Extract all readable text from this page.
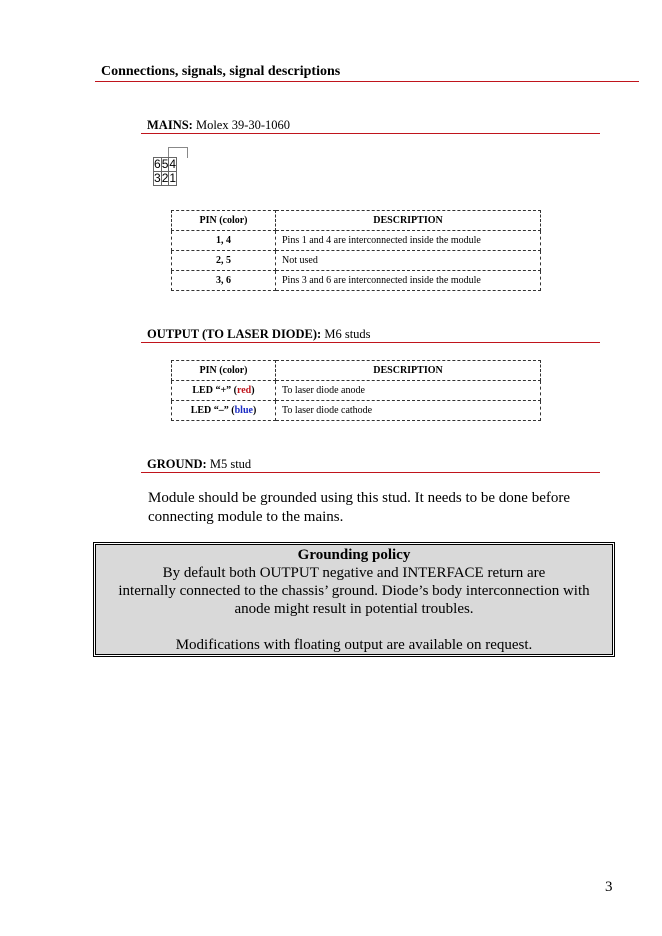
Connections, signals, signal descriptions
MAINS: Molex 39-30-1060
6	5	4
3	2	1
PIN (color)	DESCRIPTION
1, 4	Pins 1 and 4 are interconnected inside the module
2, 5	Not used
3, 6	Pins 3 and 6 are interconnected inside the module
OUTPUT (TO LASER DIODE): M6 studs
PIN (color)	DESCRIPTION
LED “+” (red)	To laser diode anode
LED “–” (blue)	To laser diode cathode
GROUND: M5 stud
Module should be grounded using this stud. It needs to be done before connecting module to the mains.
Grounding policy
By default both OUTPUT negative and INTERFACE return are
internally connected to the chassis’ ground. Diode’s body interconnection with
anode might result in potential troubles.
Modifications with floating output are available on request.
3
